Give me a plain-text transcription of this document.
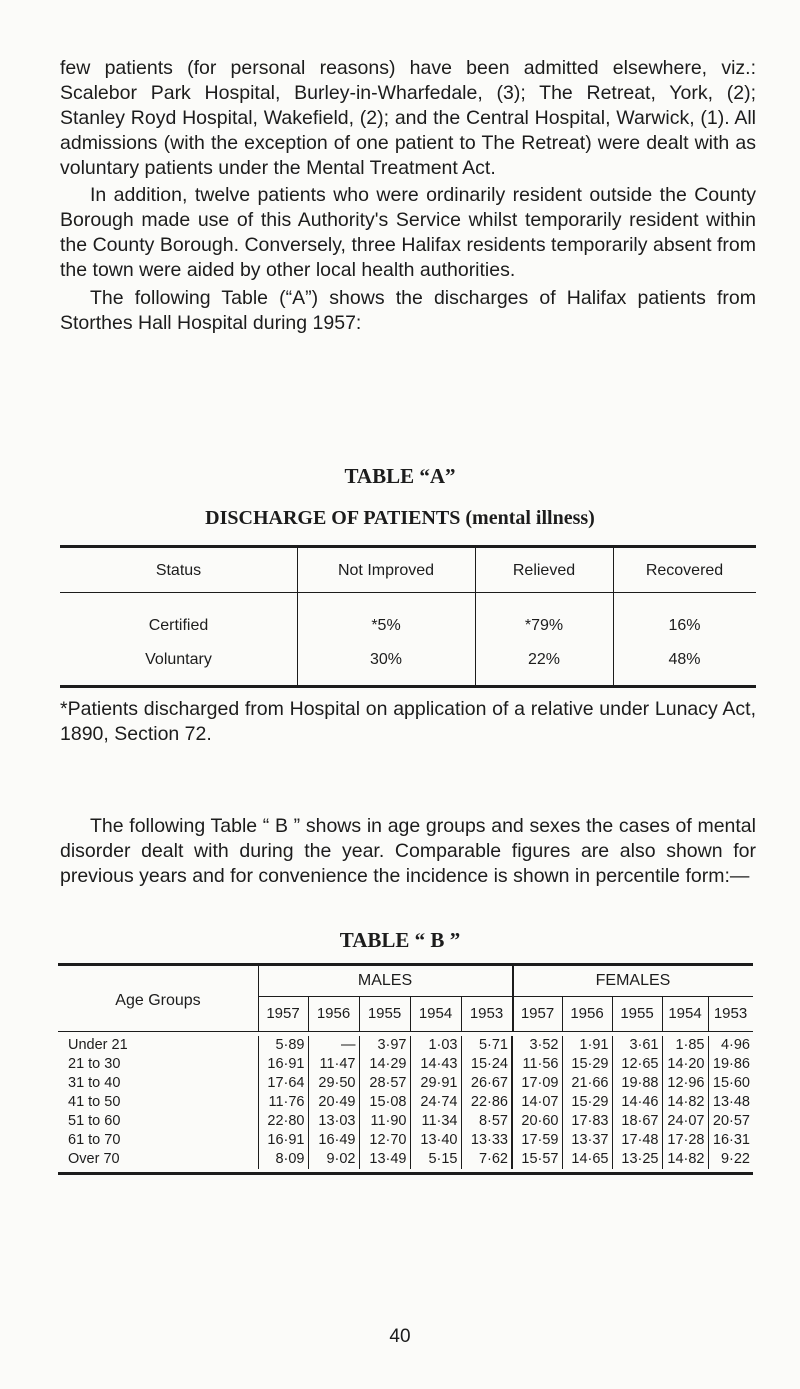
few patients (for personal reasons) have been admitted elsewhere, viz.: Scalebor Park Hospital, Burley-in-Wharfedale, (3); The Retreat, York, (2); Stanley Royd Hospital, Wakefield, (2); and the Central Hospital, Warwick, (1). All admissions (with the exception of one patient to The Retreat) were dealt with as voluntary patients under the Mental Treatment Act.
In addition, twelve patients who were ordinarily resident outside the County Borough made use of this Authority's Service whilst temporarily resident within the County Borough. Conversely, three Halifax residents temporarily absent from the town were aided by other local health authorities.
The following Table (“A”) shows the discharges of Halifax patients from Storthes Hall Hospital during 1957:
TABLE “A”
DISCHARGE OF PATIENTS (mental illness)
Status	Not Improved	Relieved	Recovered
Certified	*5%	*79%	16%
Voluntary	30%	22%	48%
*Patients discharged from Hospital on application of a relative under Lunacy Act, 1890, Section 72.
The following Table “ B ” shows in age groups and sexes the cases of mental disorder dealt with during the year. Comparable figures are also shown for previous years and for convenience the incidence is shown in percentile form:—
TABLE “ B ”
Age Groups
MALES	FEMALES
1957	1956	1955	1954	1953	1957	1956	1955 1954 1953
Under 21	5·89	—	3·97	1·03	5·71	3·52	1·91	3·61	1·85	4·96
21 to 30	16·91	11·47	14·29	14·43	15·24	11·56	15·29	12·65	14·20	19·86
31 to 40	17·64	29·50	28·57	29·91	26·67	17·09	21·66	19·88	12·96	15·60
41 to 50	11·76	20·49	15·08	24·74	22·86	14·07	15·29	14·46	14·82	13·48
51 to 60	22·80	13·03	11·90	11·34	8·57	20·60	17·83	18·67	24·07	20·57
61 to 70	16·91	16·49	12·70	13·40	13·33	17·59	13·37	17·48	17·28	16·31
Over 70	8·09	9·02	13·49	5·15	7·62	15·57	14·65	13·25	14·82	9·22
40
